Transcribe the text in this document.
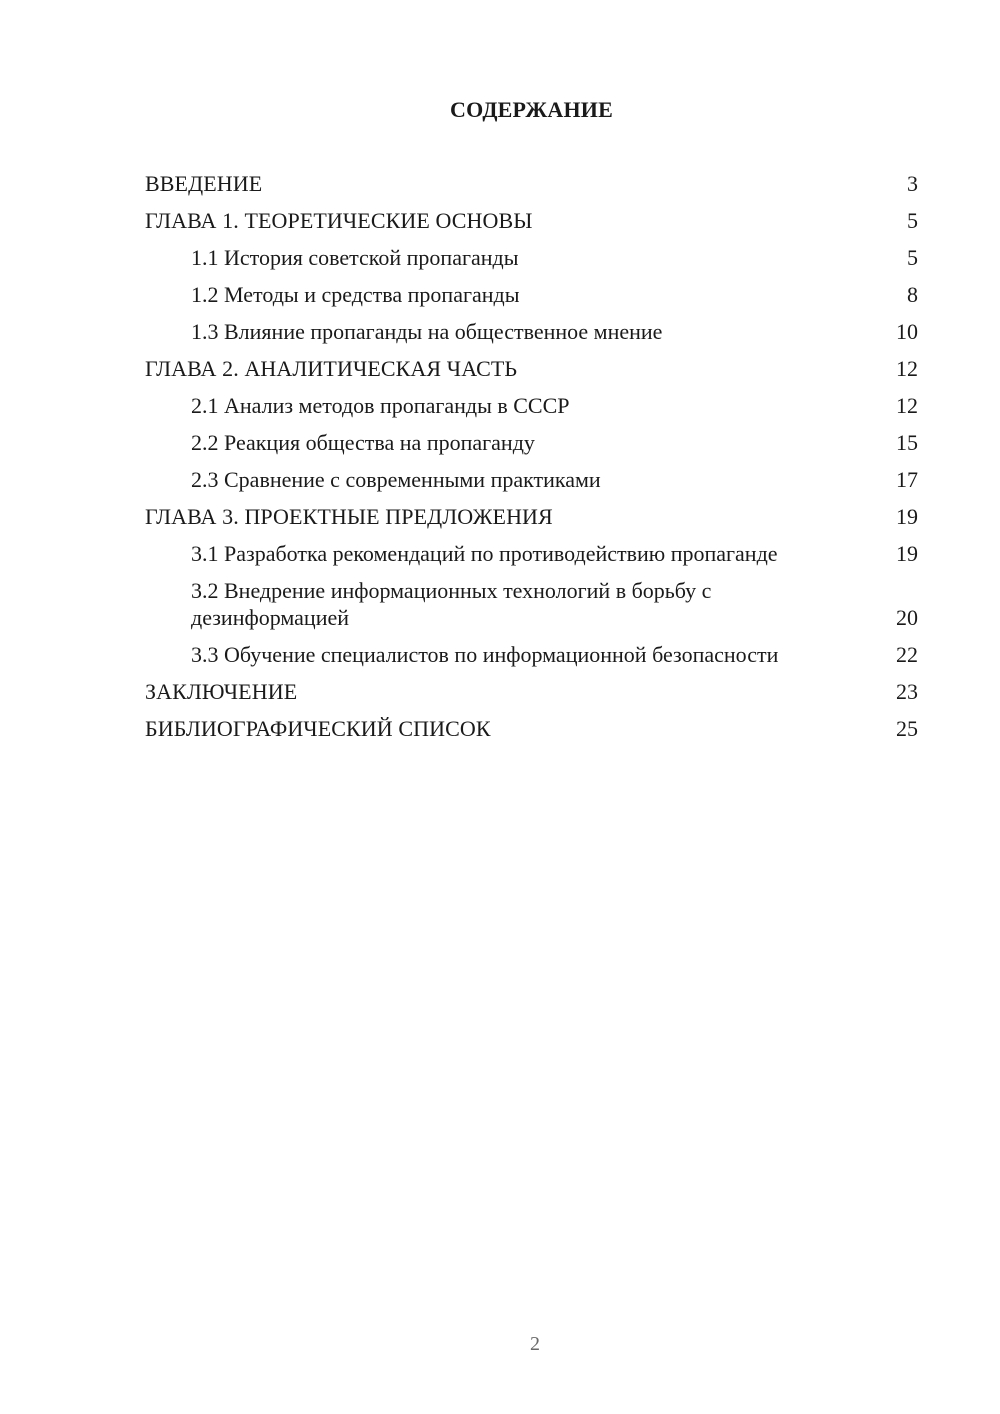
СОДЕРЖАНИЕ
ВВЕДЕНИЕ	3
ГЛАВА 1. ТЕОРЕТИЧЕСКИЕ ОСНОВЫ	5
1.1 История советской пропаганды	5
1.2 Методы и средства пропаганды	8
1.3 Влияние пропаганды на общественное мнение	10
ГЛАВА 2. АНАЛИТИЧЕСКАЯ ЧАСТЬ	12
2.1 Анализ методов пропаганды в СССР	12
2.2 Реакция общества на пропаганду	15
2.3 Сравнение с современными практиками	17
ГЛАВА 3. ПРОЕКТНЫЕ ПРЕДЛОЖЕНИЯ	19
3.1 Разработка рекомендаций по противодействию пропаганде	19
3.2 Внедрение информационных технологий в борьбу с дезинформацией	20
3.3 Обучение специалистов по информационной безопасности	22
ЗАКЛЮЧЕНИЕ	23
БИБЛИОГРАФИЧЕСКИЙ СПИСОК	25
2
